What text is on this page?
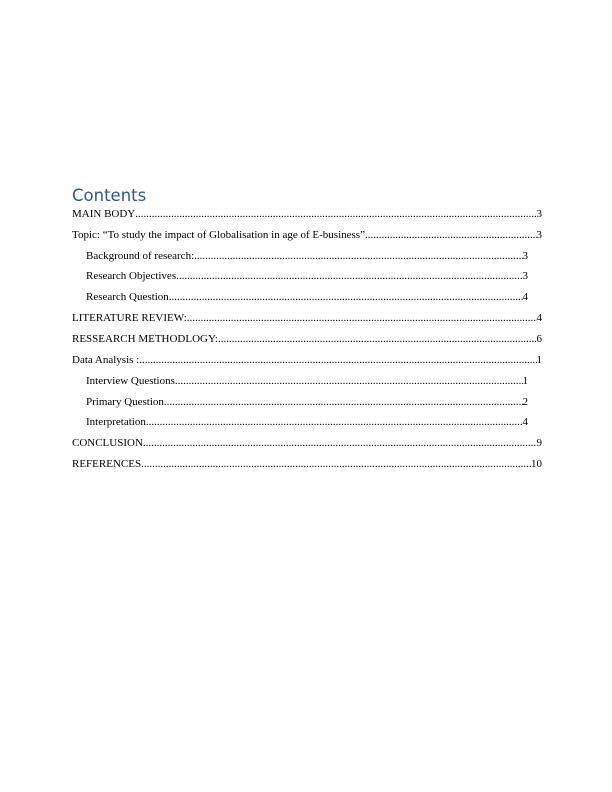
Contents
MAIN BODY .....	3
Topic: “To study the impact of Globalisation in age of E-business” .....	3
Background of research: .....	3
Research Objectives .....	3
Research Question .....	4
LITERATURE REVIEW: .....	4
RESSEARCH METHODLOGY: .....	6
Data Analysis : .....	1
Interview Questions .....	1
Primary Question .....	2
Interpretation .....	4
CONCLUSION .....	9
REFERENCES .....	10
